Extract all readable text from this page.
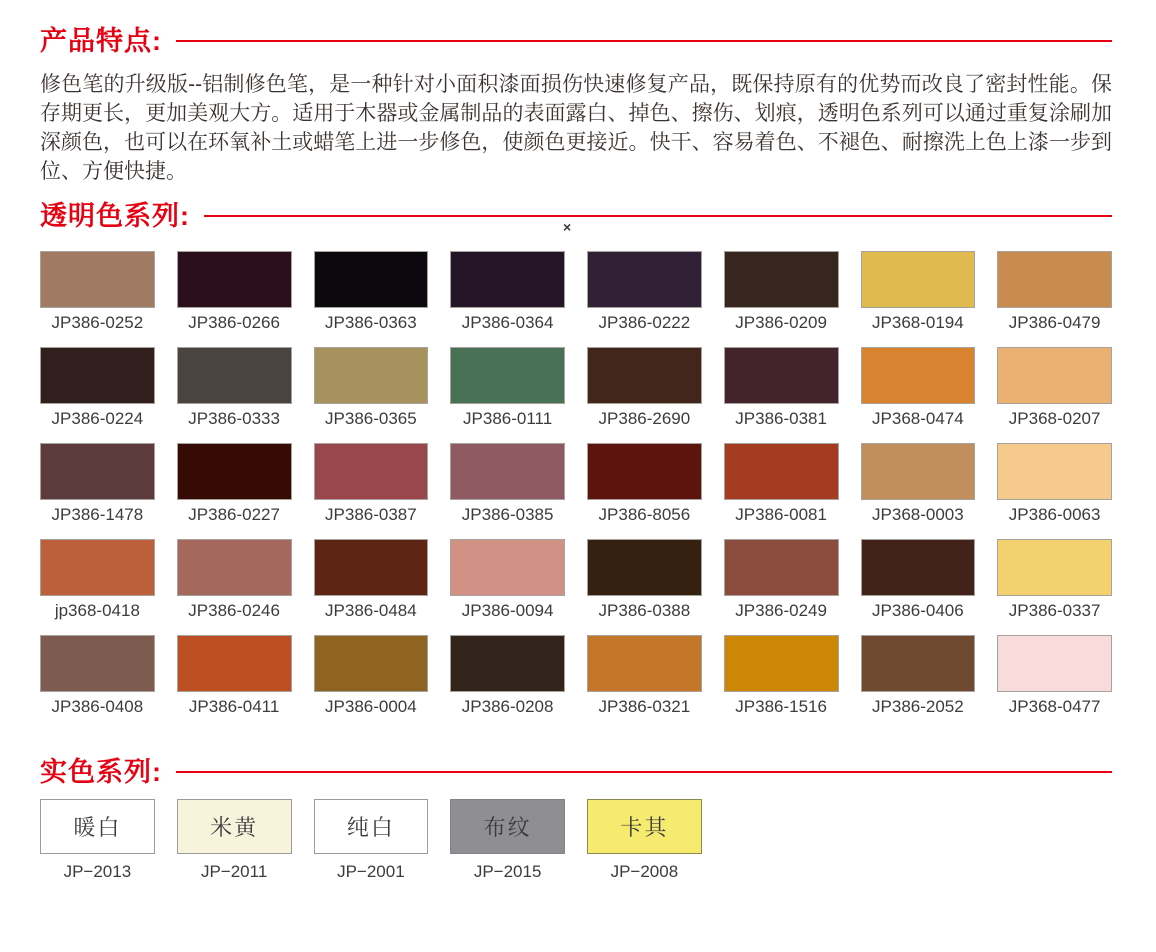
产品特点:
修色笔的升级版--铝制修色笔，是一种针对小面积漆面损伤快速修复产品，既保持原有的优势而改良了密封性能。保存期更长，更加美观大方。适用于木器或金属制品的表面露白、掉色、擦伤、划痕，透明色系列可以通过重复涂刷加深颜色，也可以在环氧补土或蜡笔上进一步修色，使颜色更接近。快干、容易着色、不褪色、耐擦洗上色上漆一步到位、方便快捷。
透明色系列:
JP386-0252	JP386-0266	JP386-0363	JP386-0364	JP386-0222	JP386-0209	JP368-0194	JP386-0479
JP386-0224	JP386-0333	JP386-0365	JP386-0111	JP386-2690	JP386-0381	JP368-0474	JP368-0207
JP386-1478	JP386-0227	JP386-0387	JP386-0385	JP386-8056	JP386-0081	JP368-0003	JP386-0063
jp368-0418	JP386-0246	JP386-0484	JP386-0094	JP386-0388	JP386-0249	JP386-0406	JP386-0337
JP386-0408	JP386-0411	JP386-0004	JP386-0208	JP386-0321	JP386-1516	JP386-2052	JP368-0477
实色系列:
暖白
JP−2013
米黄
JP−2011
纯白
JP−2001
布纹
JP−2015
卡其
JP−2008
×
